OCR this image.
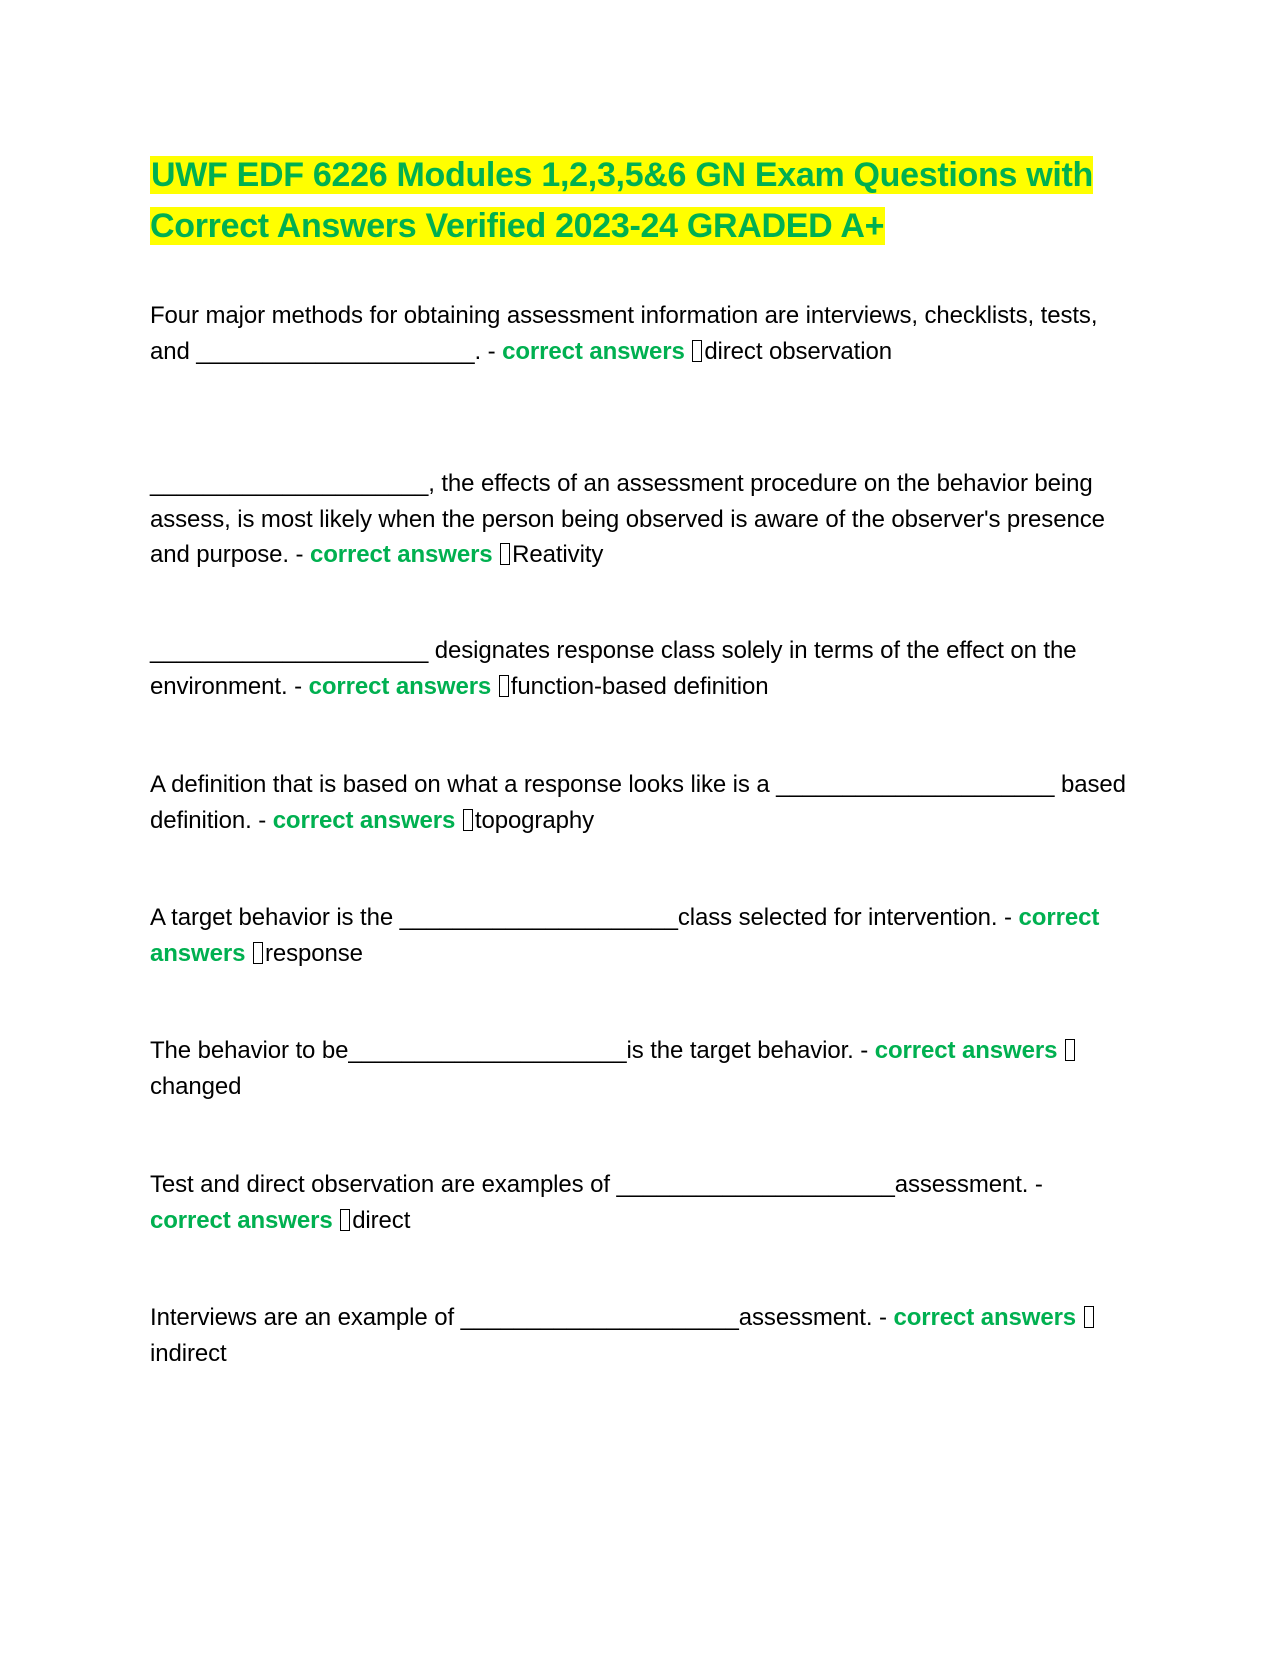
UWF EDF 6226 Modules 1,2,3,5&6 GN Exam Questions with Correct Answers Verified 2023-24 GRADED A+

Four major methods for obtaining assessment information are interviews, checklists, tests, and _____________________. - correct answers direct observation

_____________________, the effects of an assessment procedure on the behavior being assess, is most likely when the person being observed is aware of the observer's presence and purpose. - correct answers Reativity

_____________________ designates response class solely in terms of the effect on the environment. - correct answers function-based definition

A definition that is based on what a response looks like is a _____________________ based definition. - correct answers topography

A target behavior is the _____________________class selected for intervention. - correct answers response

The behavior to be_____________________is the target behavior. - correct answers changed

Test and direct observation are examples of _____________________assessment. - correct answers direct

Interviews are an example of _____________________assessment. - correct answers indirect
